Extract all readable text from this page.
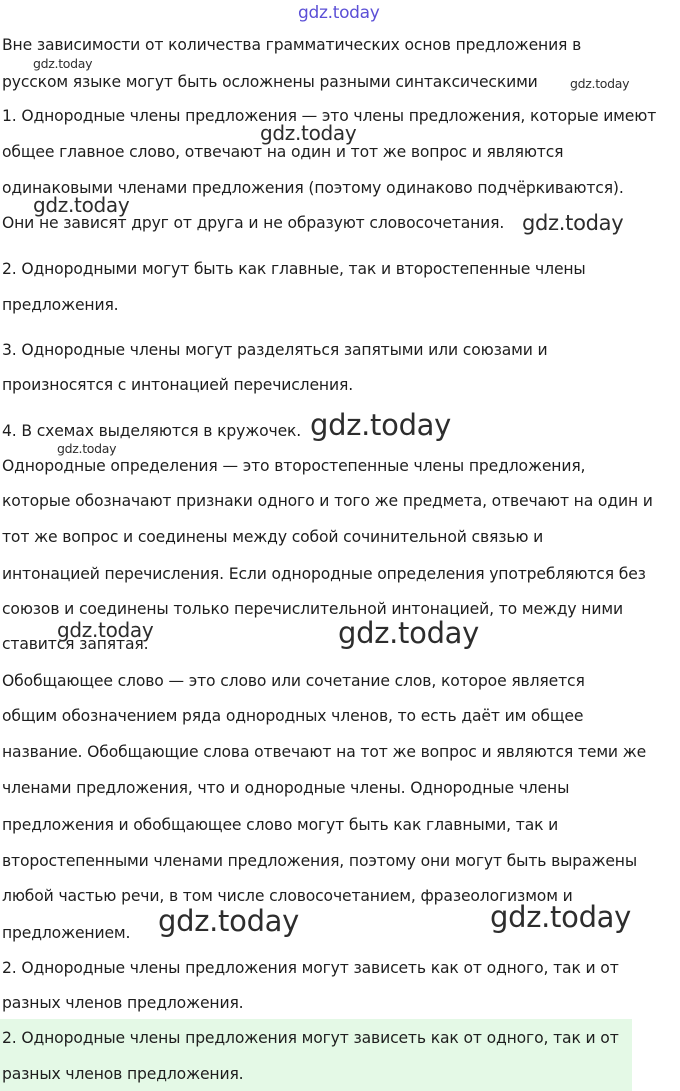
gdz.today
Вне зависимости от количества грамматических основ предложения в
русском языке могут быть осложнены разными синтаксическими
1. Однородные члены предложения — это члены предложения, которые имеют
общее главное слово, отвечают на один и тот же вопрос и являются
одинаковыми членами предложения (поэтому одинаково подчёркиваются).
Они не зависят друг от друга и не образуют словосочетания.
2. Однородными могут быть как главные, так и второстепенные члены
предложения.
3. Однородные члены могут разделяться запятыми или союзами и
произносятся с интонацией перечисления.
4. В схемах выделяются в кружочек.
Однородные определения — это второстепенные члены предложения,
которые обозначают признаки одного и того же предмета, отвечают на один и
тот же вопрос и соединены между собой сочинительной связью и
интонацией перечисления. Если однородные определения употребляются без
союзов и соединены только перечислительной интонацией, то между ними
ставится запятая.
Обобщающее слово — это слово или сочетание слов, которое является
общим обозначением ряда однородных членов, то есть даёт им общее
название. Обобщающие слова отвечают на тот же вопрос и являются теми же
членами предложения, что и однородные члены. Однородные члены
предложения и обобщающее слово могут быть как главными, так и
второстепенными членами предложения, поэтому они могут быть выражены
любой частью речи, в том числе словосочетанием, фразеологизмом и
предложением.
2. Однородные члены предложения могут зависеть как от одного, так и от
разных членов предложения.
2. Однородные члены предложения могут зависеть как от одного, так и от
разных членов предложения.
gdz.today
gdz.today
gdz.today
gdz.today
gdz.today
gdz.today
gdz.today
gdz.today	gdz.today
gdz.today	gdz.today
